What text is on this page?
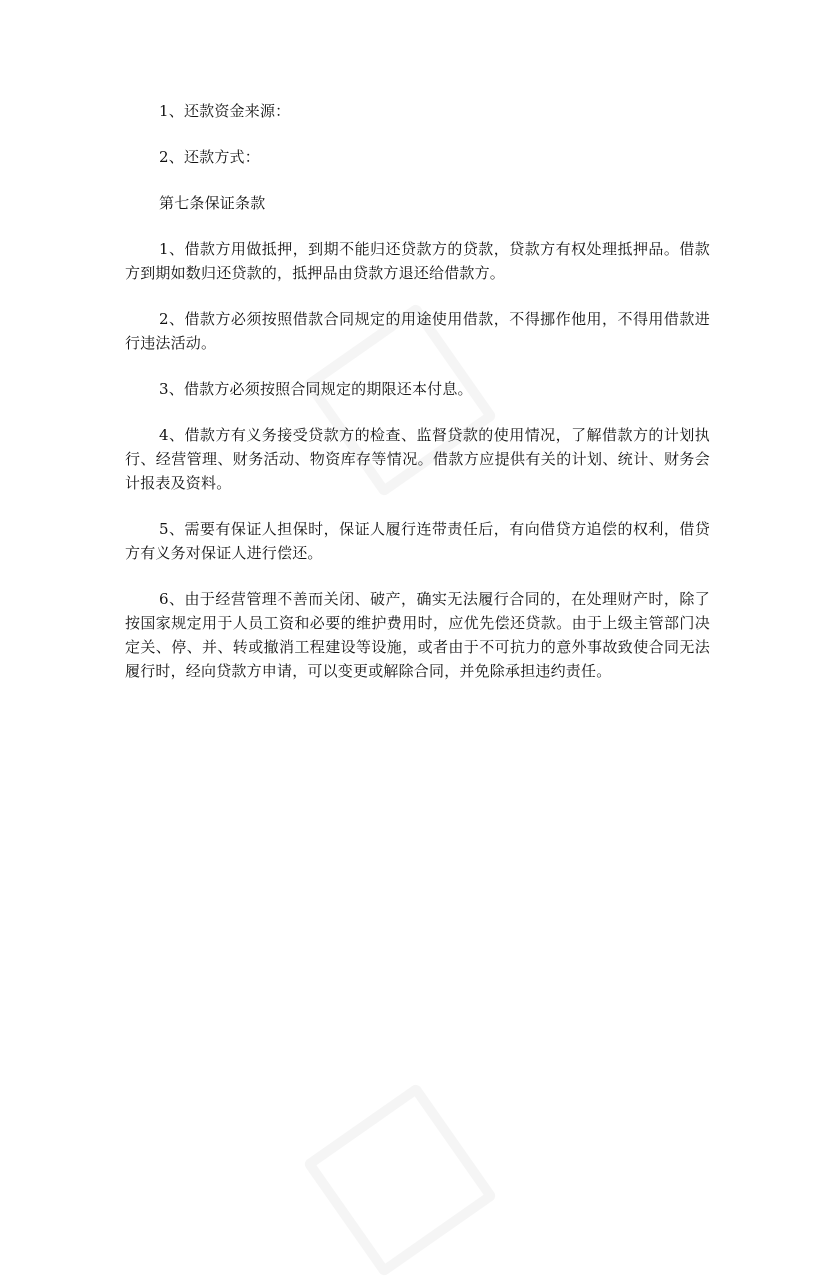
1、还款资金来源：

2、还款方式：

第七条保证条款

1、借款方用做抵押，到期不能归还贷款方的贷款，贷款方有权处理抵押品。借款方到期如数归还贷款的，抵押品由贷款方退还给借款方。

2、借款方必须按照借款合同规定的用途使用借款，不得挪作他用，不得用借款进行违法活动。

3、借款方必须按照合同规定的期限还本付息。

4、借款方有义务接受贷款方的检查、监督贷款的使用情况，了解借款方的计划执行、经营管理、财务活动、物资库存等情况。借款方应提供有关的计划、统计、财务会计报表及资料。

5、需要有保证人担保时，保证人履行连带责任后，有向借贷方追偿的权利，借贷方有义务对保证人进行偿还。

6、由于经营管理不善而关闭、破产，确实无法履行合同的，在处理财产时，除了按国家规定用于人员工资和必要的维护费用时，应优先偿还贷款。由于上级主管部门决定关、停、并、转或撤消工程建设等设施，或者由于不可抗力的意外事故致使合同无法履行时，经向贷款方申请，可以变更或解除合同，并免除承担违约责任。
